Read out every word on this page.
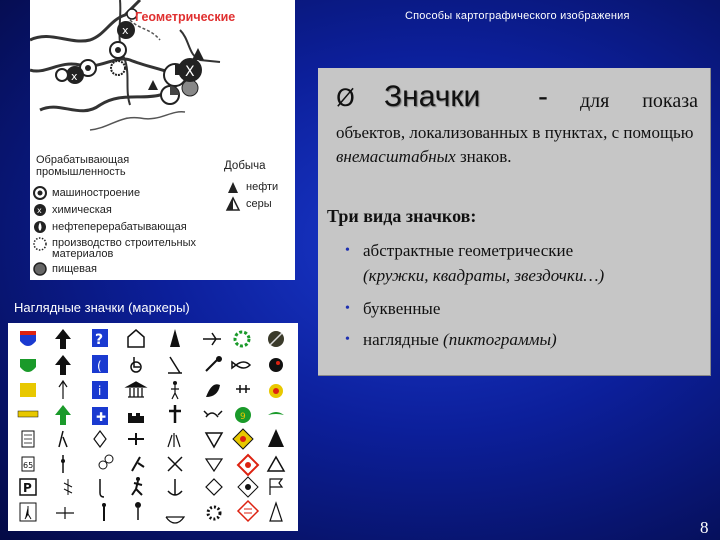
Способы картографического изображения
x
x	X
x
Геометрические
Обрабатывающая
промышленность
машиностроение
химическая
нефтеперерабатывающая
производство строительных
материалов
пищевая
Добыча
нефти
серы
Наглядные значки (маркеры)
?
(
i
✚	9
65
P
Ø Значки - для показа
объектов, локализованных в пунктах, с помощью внемасштабных знаков.
Три вида значков:
• абстрактные геометрические
(кружки, квадраты, звездочки…)
• буквенные
• наглядные (пиктограммы)
8
